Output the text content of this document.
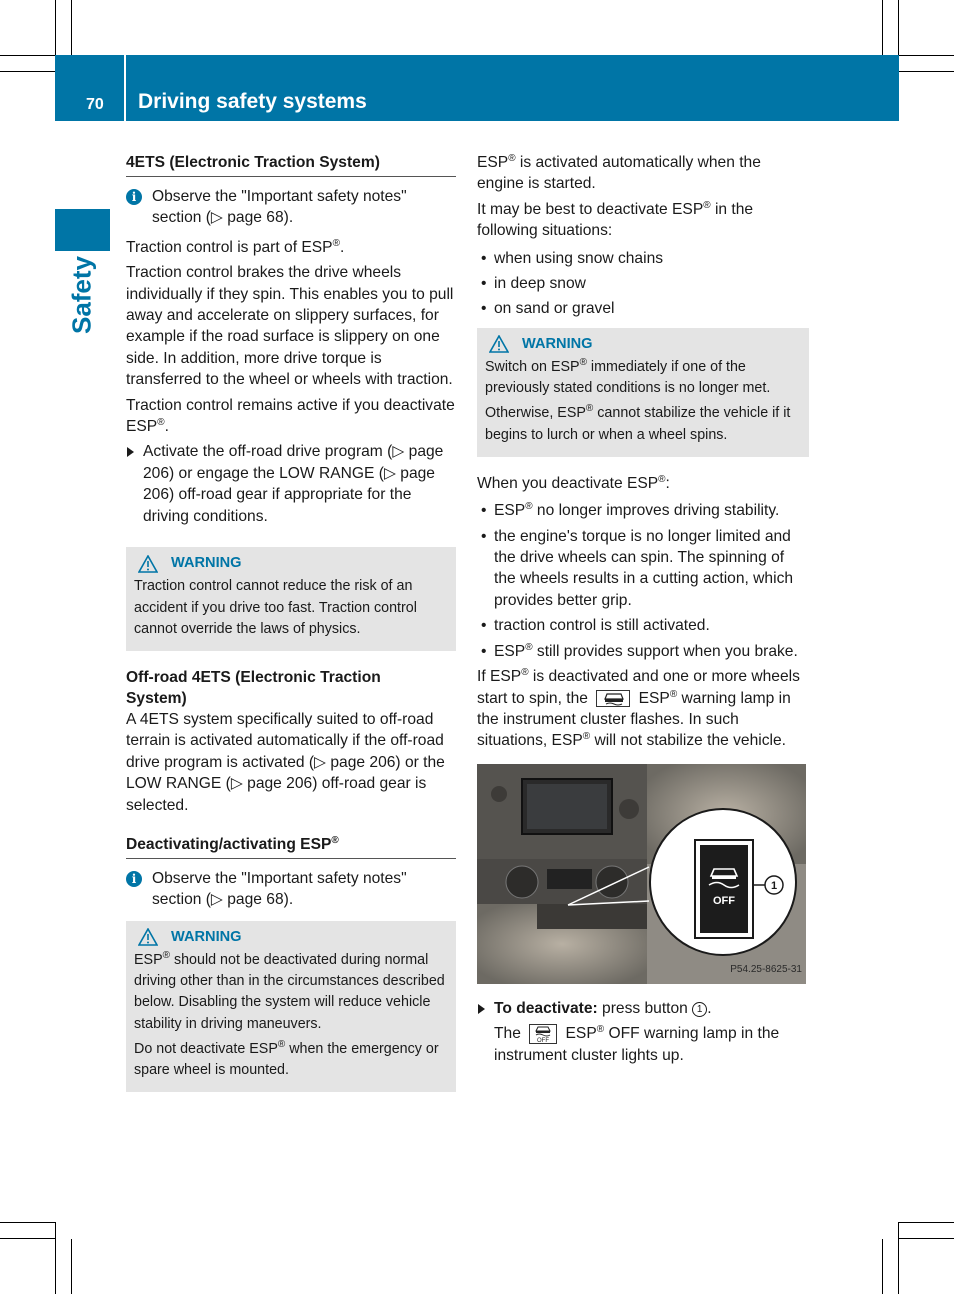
70 Driving safety systems
Safety
4ETS (Electronic Traction System)
i	Observe the "Important safety notes"
section (▷ page 68).

Traction control is part of ESP®.

Traction control brakes the drive wheels individually if they spin. This enables you to pull away and accelerate on slippery surfaces, for example if the road surface is slippery on one side. In addition, more drive torque is transferred to the wheel or wheels with traction.

Traction control remains active if you deactivate ESP®.

Activate the off-road drive program (▷ page 206) or engage the LOW RANGE (▷ page 206) off-road gear if appropriate for the driving conditions.
WARNING

Traction control cannot reduce the risk of an accident if you drive too fast. Traction control cannot override the laws of physics.

Off-road 4ETS (Electronic Traction
System)

A 4ETS system specifically suited to off-road terrain is activated automatically if the off-road drive program is activated (▷ page 206) or the LOW RANGE (▷ page 206) off-road gear is selected.

Deactivating/activating ESP®
i	Observe the "Important safety notes"
section (▷ page 68).
WARNING

ESP® should not be deactivated during normal driving other than in the circumstances described below. Disabling the system will reduce vehicle stability in driving maneuvers.

Do not deactivate ESP® when the emergency or spare wheel is mounted.

ESP® is activated automatically when the engine is started.

It may be best to deactivate ESP® in the following situations:

• when using snow chains
• in deep snow
• on sand or gravel
WARNING

Switch on ESP® immediately if one of the previously stated conditions is no longer met.

Otherwise, ESP® cannot stabilize the vehicle if it begins to lurch or when a wheel spins.

When you deactivate ESP®:

• ESP® no longer improves driving stability.
• the engine's torque is no longer limited and the drive wheels can spin. The spinning of the wheels results in a cutting action, which provides better grip.
• traction control is still activated.
• ESP® still provides support when you brake.

If ESP® is deactivated and one or more wheels start to spin, the	ESP® warning lamp in the instrument cluster flashes. In such situations, ESP® will not stabilize the vehicle.

OFF
1
P54.25-8625-31
To deactivate: press button 1 .

The OFF ESP® OFF warning lamp in the instrument cluster lights up.
